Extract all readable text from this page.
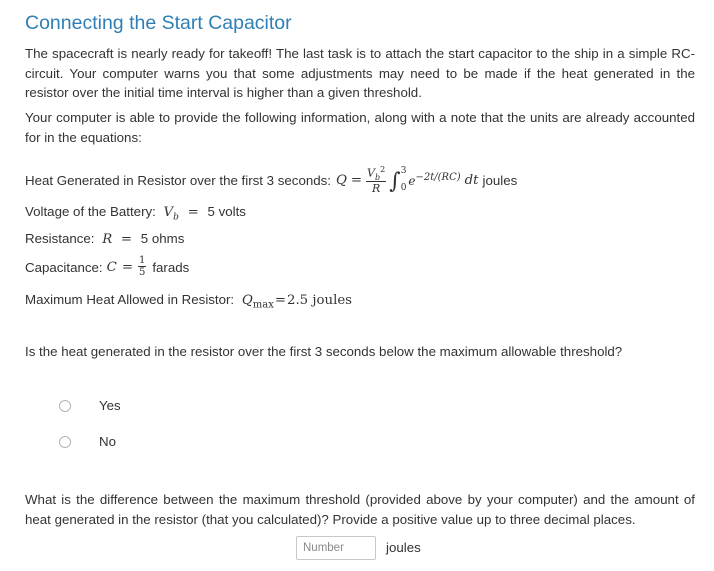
Connecting the Start Capacitor
The spacecraft is nearly ready for takeoff! The last task is to attach the start capacitor to the ship in a simple RC-circuit. Your computer warns you that some adjustments may need to be made if the heat generated in the resistor over the initial time interval is higher than a given threshold.
Your computer is able to provide the following information, along with a note that the units are already accounted for in the equations:
Heat Generated in Resistor over the first 3 seconds: $Q = \frac{V_b^2}{R}$ ∫ 3
0 $e^{-2t/(RC)}$ dt joules
Voltage of the Battery: $V_b = 5$ volts
Resistance: R = 5 ohms
Capacitance: $C = \frac{1}{5}$ farads
Maximum Heat Allowed in Resistor: $Q_{max}=2.5$ joules
Is the heat generated in the resistor over the first 3 seconds below the maximum allowable threshold?
Yes
No
What is the difference between the maximum threshold (provided above by your computer) and the amount of heat generated in the resistor (that you calculated)? Provide a positive value up to three decimal places.
Number
joules
